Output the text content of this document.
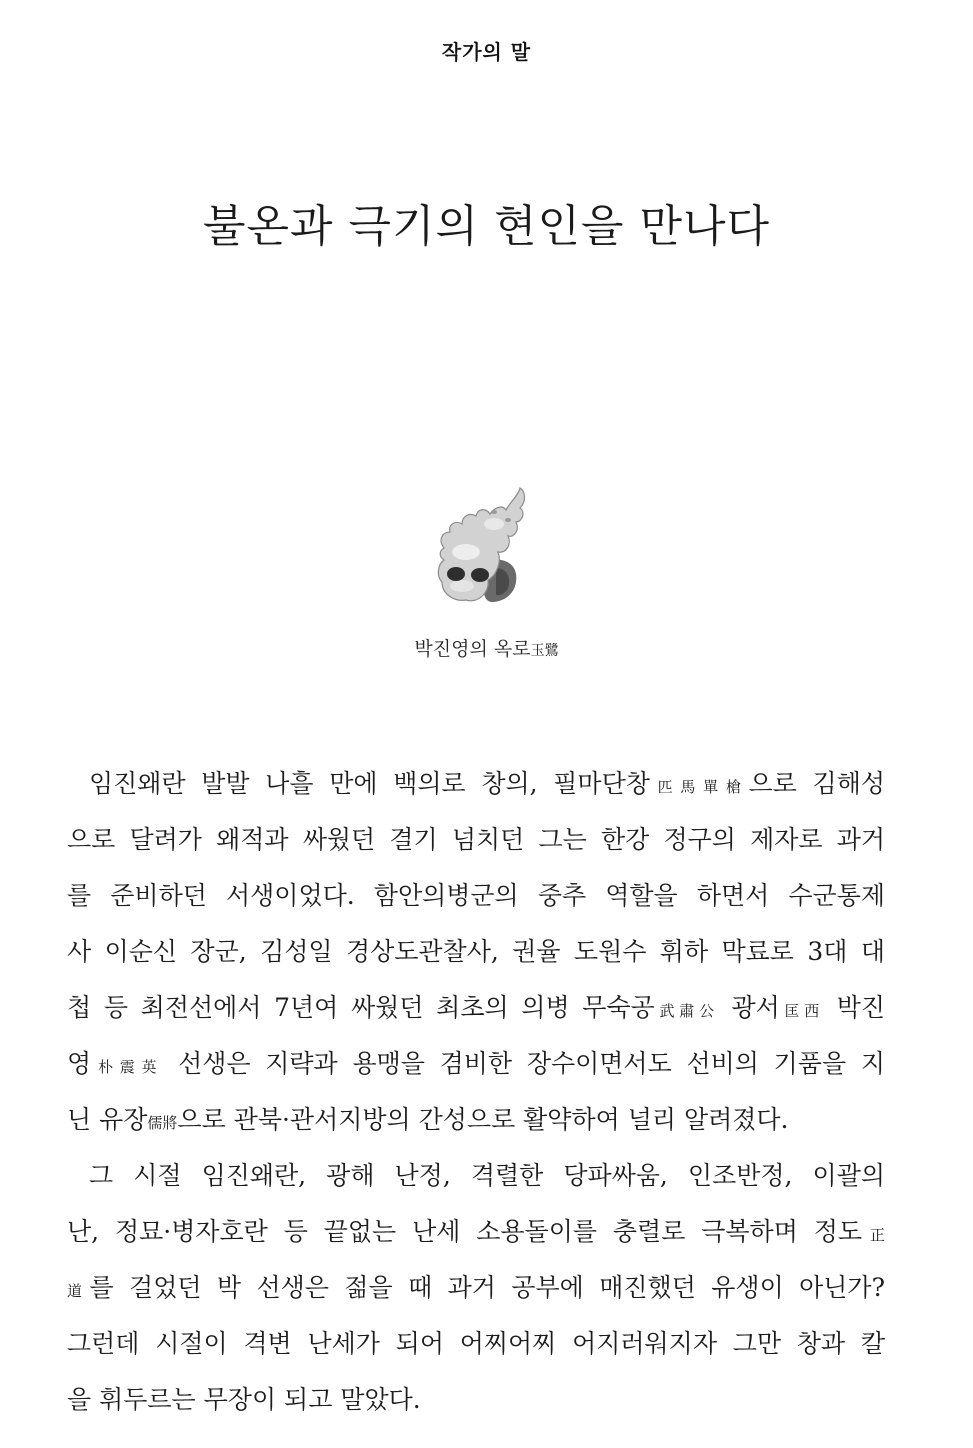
작가의 말
불온과 극기의 현인을 만나다
박진영의 옥로玉鷺
임진왜란 발발 나흘 만에 백의로 창의, 필마단창匹馬單槍으로 김해성
으로 달려가 왜적과 싸웠던 결기 넘치던 그는 한강 정구의 제자로 과거
를 준비하던 서생이었다. 함안의병군의 중추 역할을 하면서 수군통제
사 이순신 장군, 김성일 경상도관찰사, 권율 도원수 휘하 막료로 3대 대
첩 등 최전선에서 7년여 싸웠던 최초의 의병 무숙공武肅公 광서匡西 박진
영朴震英 선생은 지략과 용맹을 겸비한 장수이면서도 선비의 기품을 지
닌 유장儒將으로 관북·관서지방의 간성으로 활약하여 널리 알려졌다.
그 시절 임진왜란, 광해 난정, 격렬한 당파싸움, 인조반정, 이괄의
난, 정묘·병자호란 등 끝없는 난세 소용돌이를 충렬로 극복하며 정도正
道를 걸었던 박 선생은 젊을 때 과거 공부에 매진했던 유생이 아닌가?
그런데 시절이 격변 난세가 되어 어찌어찌 어지러워지자 그만 창과 칼
을 휘두르는 무장이 되고 말았다.
